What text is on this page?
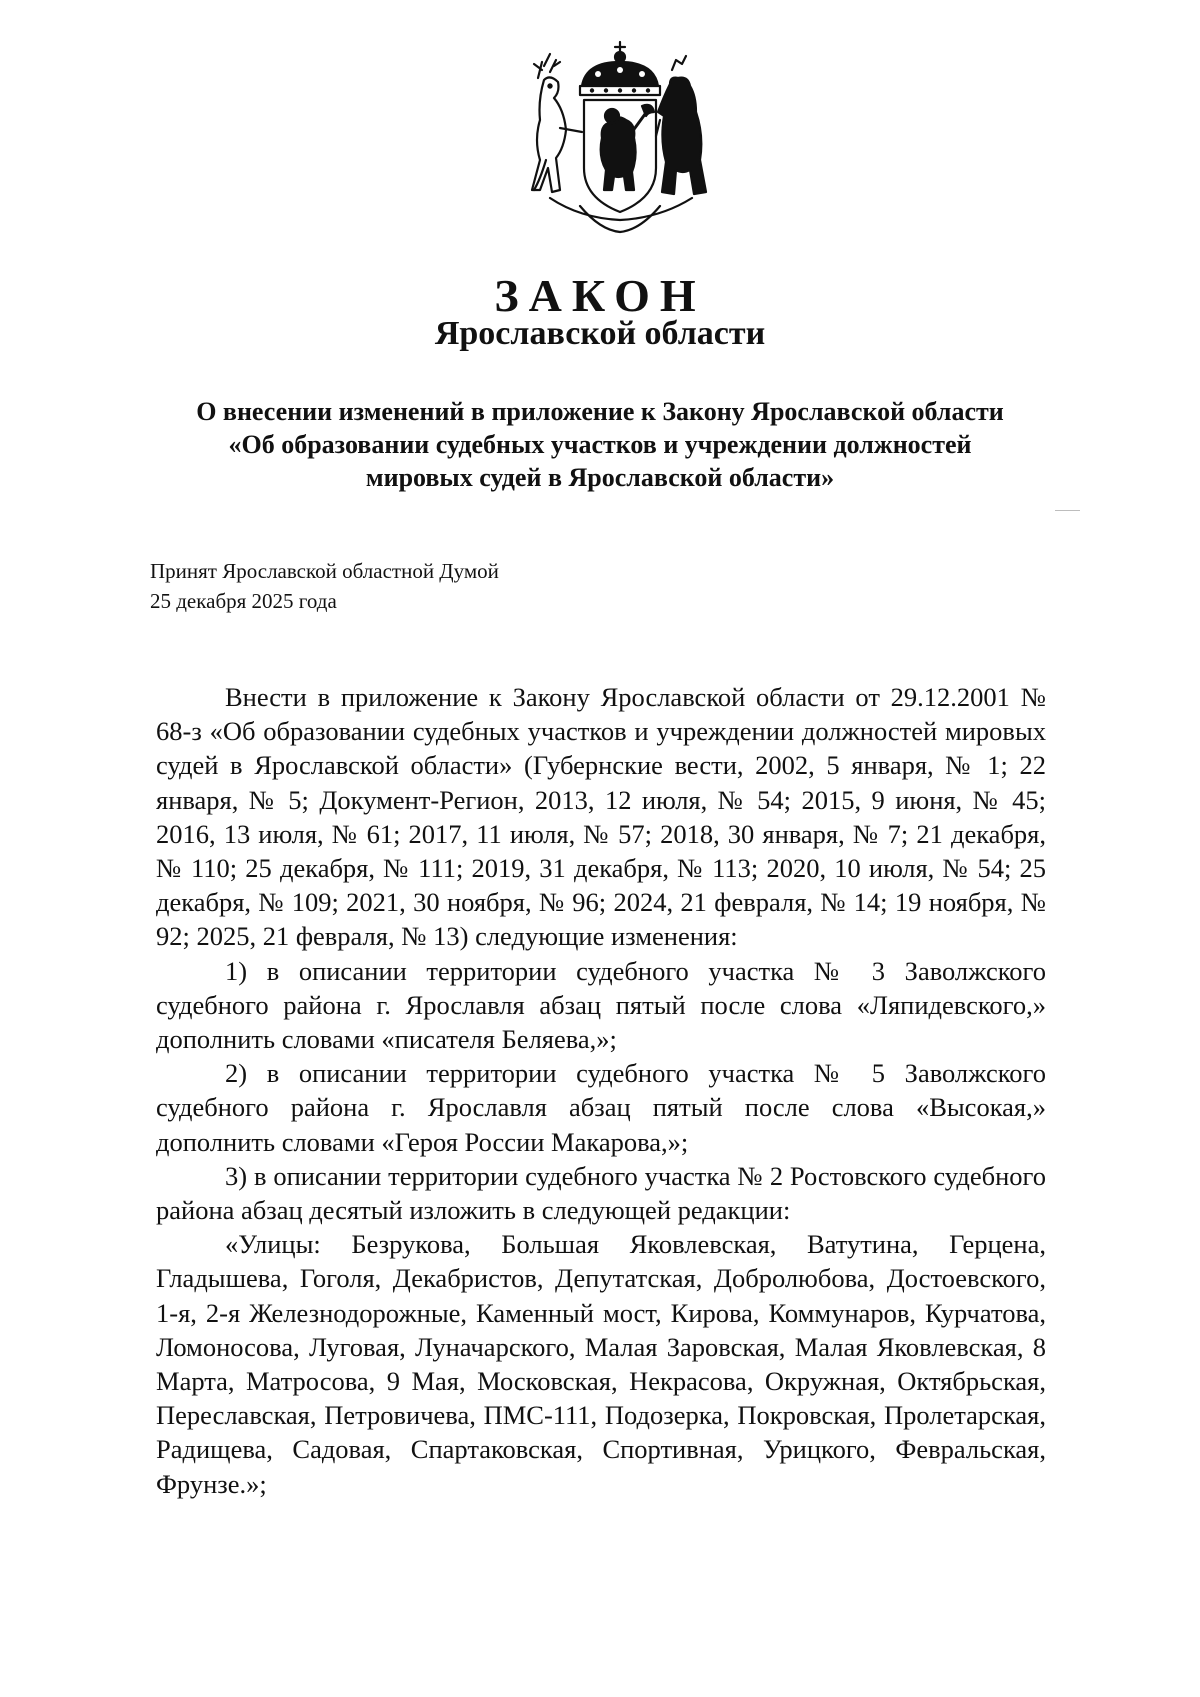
ЗАКОН
Ярославской области
О внесении изменений в приложение к Закону Ярославской области
«Об образовании судебных участков и учреждении должностей
мировых судей в Ярославской области»
Принят Ярославской областной Думой
25 декабря 2025 года

Внести в приложение к Закону Ярославской области от 29.12.2001 № 68-з «Об образовании судебных участков и учреждении должностей мировых судей в Ярославской области» (Губернские вести, 2002, 5 января, № 1; 22 января, № 5; Документ-Регион, 2013, 12 июля, № 54; 2015, 9 июня, № 45; 2016, 13 июля, № 61; 2017, 11 июля, № 57; 2018, 30 января, № 7; 21 декабря, № 110; 25 декабря, № 111; 2019, 31 декабря, № 113; 2020, 10 июля, № 54; 25 декабря, № 109; 2021, 30 ноября, № 96; 2024, 21 февраля, № 14; 19 ноября, № 92; 2025, 21 февраля, № 13) следующие изменения:

1) в описании территории судебного участка № 3 Заволжского судебного района г. Ярославля абзац пятый после слова «Ляпидевского,» дополнить словами «писателя Беляева,»;

2) в описании территории судебного участка № 5 Заволжского судебного района г. Ярославля абзац пятый после слова «Высокая,» дополнить словами «Героя России Макарова,»;

3) в описании территории судебного участка № 2 Ростовского судебного района абзац десятый изложить в следующей редакции:

«Улицы: Безрукова, Большая Яковлевская, Ватутина, Герцена, Гладышева, Гоголя, Декабристов, Депутатская, Добролюбова, Достоевского, 1-я, 2-я Железнодорожные, Каменный мост, Кирова, Коммунаров, Курчатова, Ломоносова, Луговая, Луначарского, Малая Заровская, Малая Яковлевская, 8 Марта, Матросова, 9 Мая, Московская, Некрасова, Окружная, Октябрьская, Переславская, Петровичева, ПМС-111, Подозерка, Покровская, Пролетарская, Радищева, Садовая, Спартаковская, Спортивная, Урицкого, Февральская, Фрунзе.»;
